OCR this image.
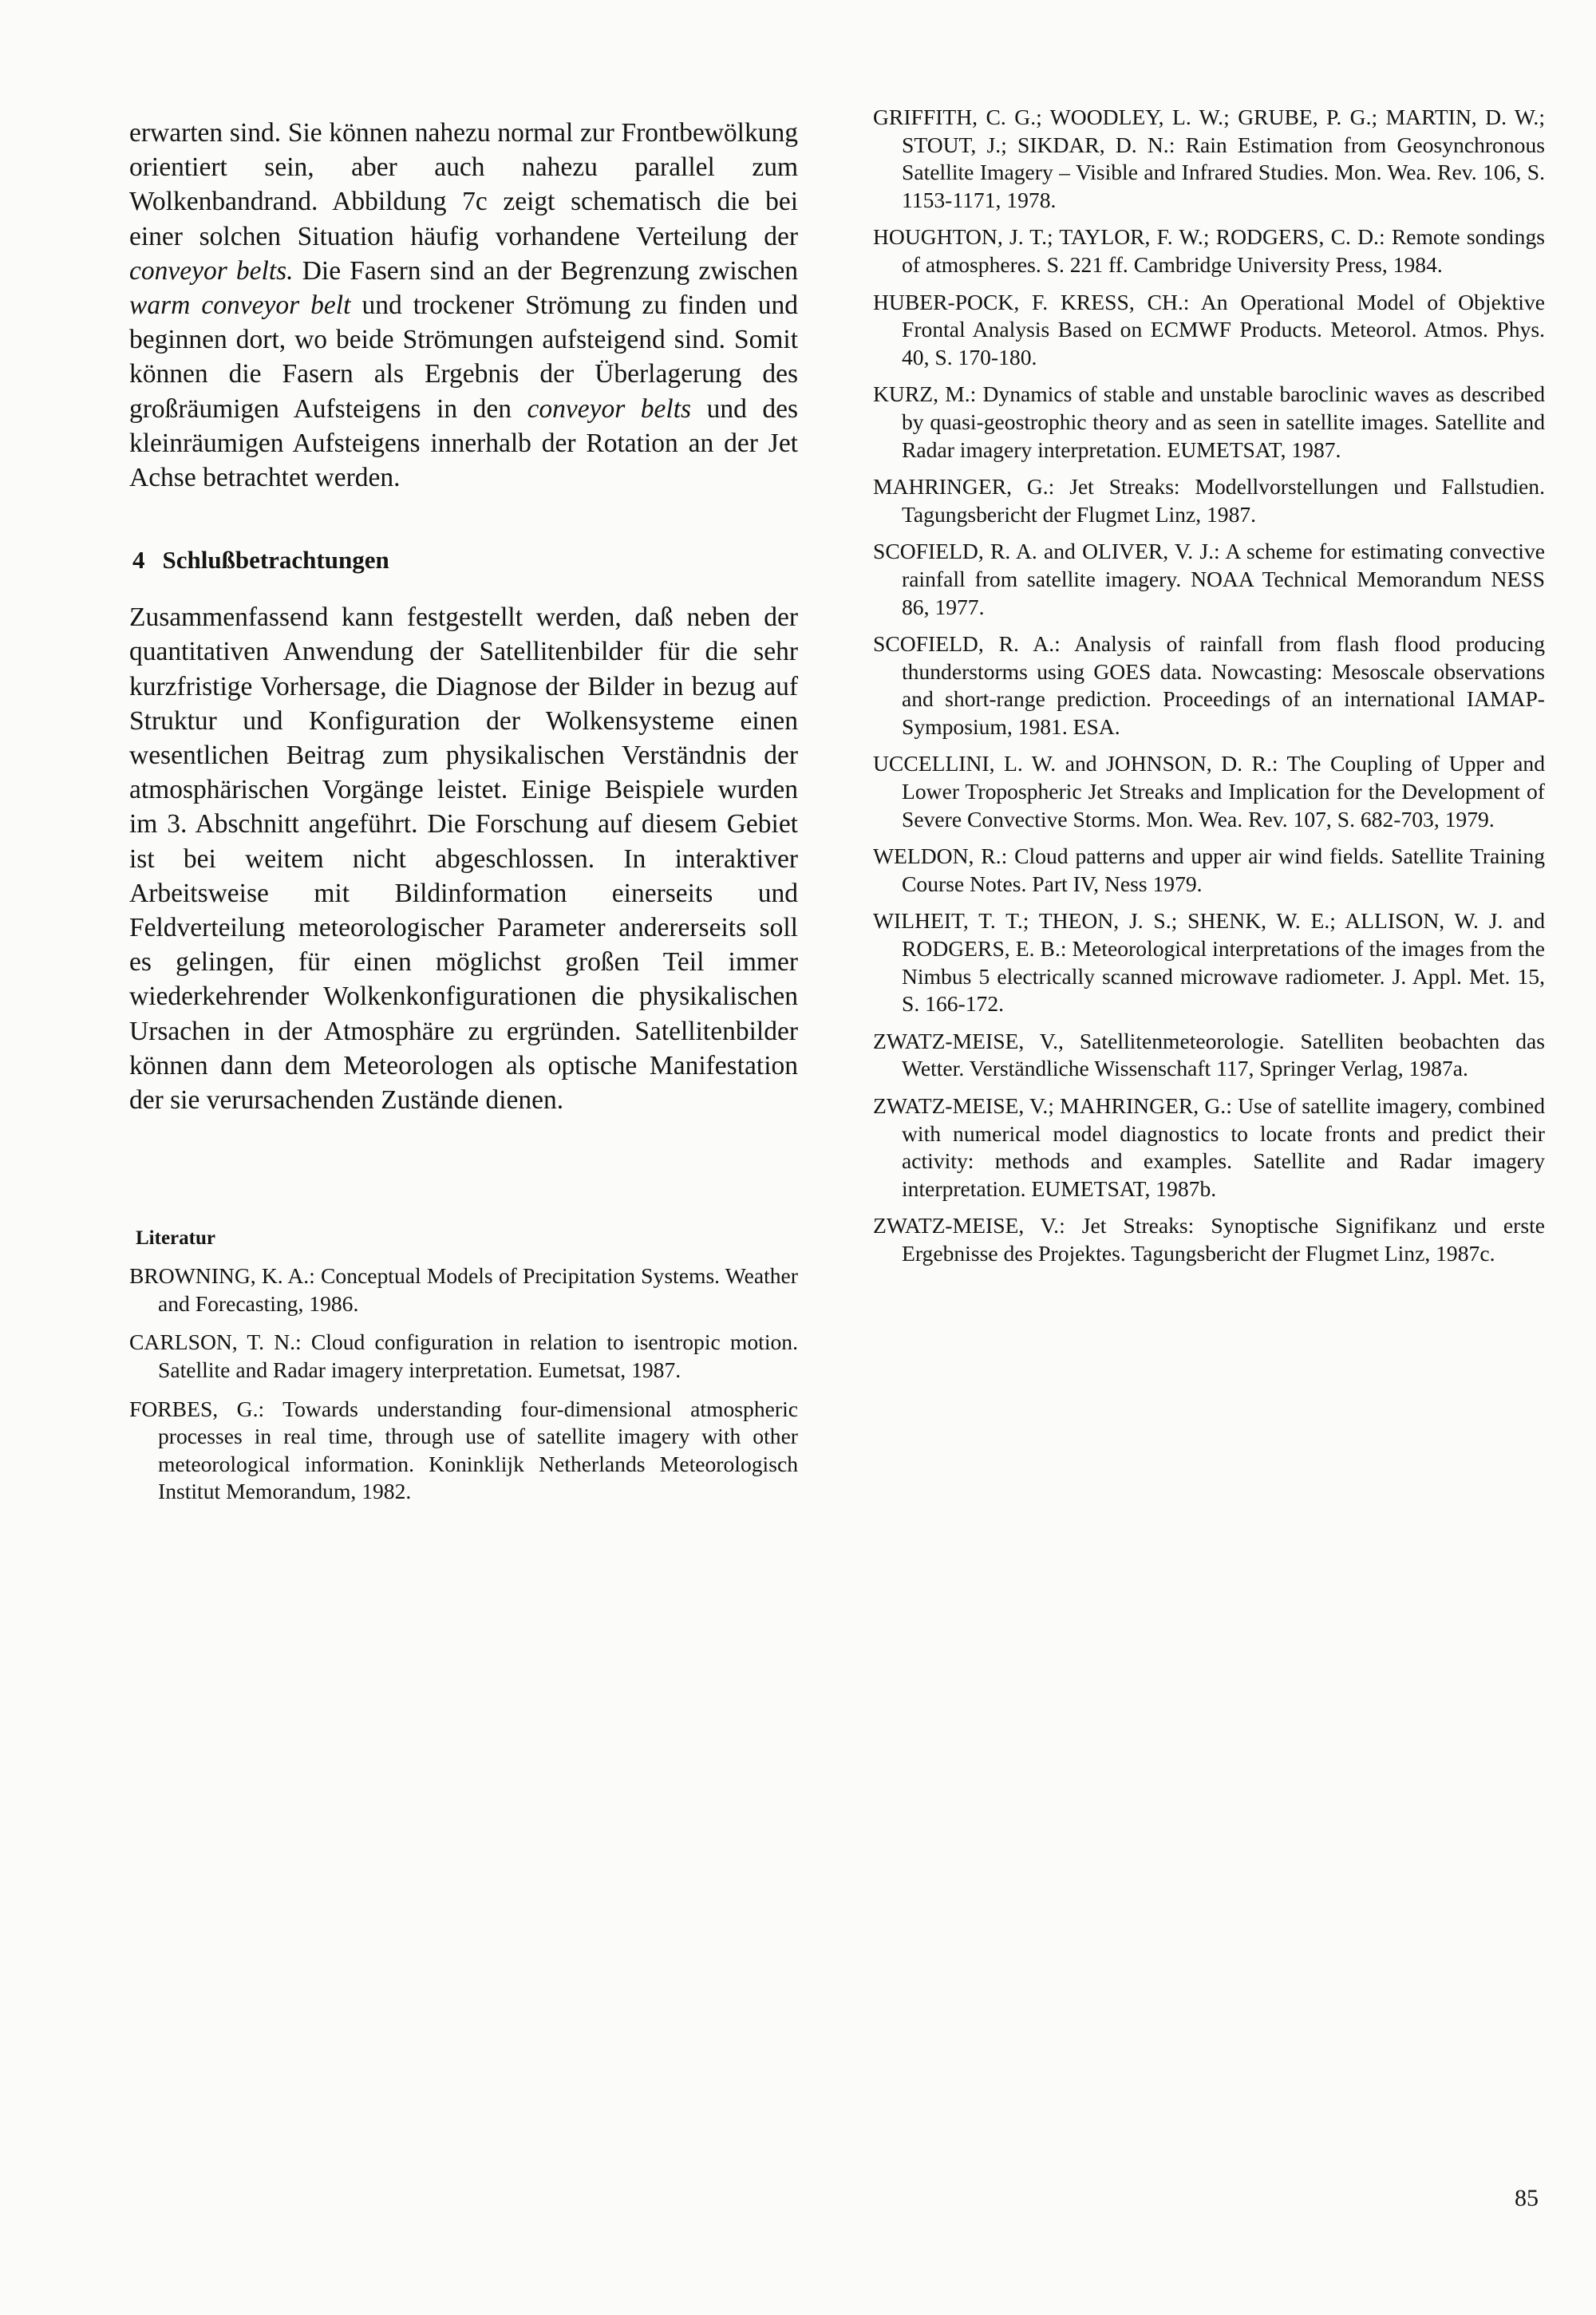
erwarten sind. Sie können nahezu normal zur Frontbewölkung orientiert sein, aber auch nahezu parallel zum Wolkenbandrand. Abbildung 7c zeigt schematisch die bei einer solchen Situation häufig vorhandene Verteilung der conveyor belts. Die Fasern sind an der Begrenzung zwischen warm conveyor belt und trockener Strömung zu finden und beginnen dort, wo beide Strömungen aufsteigend sind. Somit können die Fasern als Ergebnis der Überlagerung des großräumigen Aufsteigens in den conveyor belts und des kleinräumigen Aufsteigens innerhalb der Rotation an der Jet Achse betrachtet werden.

4 Schlußbetrachtungen

Zusammenfassend kann festgestellt werden, daß neben der quantitativen Anwendung der Satellitenbilder für die sehr kurzfristige Vorhersage, die Diagnose der Bilder in bezug auf Struktur und Konfiguration der Wolkensysteme einen wesentlichen Beitrag zum physikalischen Verständnis der atmosphärischen Vorgänge leistet. Einige Beispiele wurden im 3. Abschnitt angeführt. Die Forschung auf diesem Gebiet ist bei weitem nicht abgeschlossen. In interaktiver Arbeitsweise mit Bildinformation einerseits und Feldverteilung meteorologischer Parameter andererseits soll es gelingen, für einen möglichst großen Teil immer wiederkehrender Wolkenkonfigurationen die physikalischen Ursachen in der Atmosphäre zu ergründen. Satellitenbilder können dann dem Meteorologen als optische Manifestation der sie verursachenden Zustände dienen.

Literatur
BROWNING, K. A.: Conceptual Models of Precipitation Systems. Weather and Forecasting, 1986.
CARLSON, T. N.: Cloud configuration in relation to isentropic motion. Satellite and Radar imagery interpretation. Eumetsat, 1987.
FORBES, G.: Towards understanding four-dimensional atmospheric processes in real time, through use of satellite imagery with other meteorological information. Koninklijk Netherlands Meteorologisch Institut Memorandum, 1982.
GRIFFITH, C. G.; WOODLEY, L. W.; GRUBE, P. G.; MARTIN, D. W.; STOUT, J.; SIKDAR, D. N.: Rain Estimation from Geosynchronous Satellite Imagery – Visible and Infrared Studies. Mon. Wea. Rev. 106, S. 1153-1171, 1978.
HOUGHTON, J. T.; TAYLOR, F. W.; RODGERS, C. D.: Remote sondings of atmospheres. S. 221 ff. Cambridge University Press, 1984.
HUBER-POCK, F. KRESS, CH.: An Operational Model of Objektive Frontal Analysis Based on ECMWF Products. Meteorol. Atmos. Phys. 40, S. 170-180.
KURZ, M.: Dynamics of stable and unstable baroclinic waves as described by quasi-geostrophic theory and as seen in satellite images. Satellite and Radar imagery interpretation. EUMETSAT, 1987.
MAHRINGER, G.: Jet Streaks: Modellvorstellungen und Fallstudien. Tagungsbericht der Flugmet Linz, 1987.
SCOFIELD, R. A. and OLIVER, V. J.: A scheme for estimating convective rainfall from satellite imagery. NOAA Technical Memorandum NESS 86, 1977.
SCOFIELD, R. A.: Analysis of rainfall from flash flood producing thunderstorms using GOES data. Nowcasting: Mesoscale observations and short-range prediction. Proceedings of an international IAMAP-Symposium, 1981. ESA.
UCCELLINI, L. W. and JOHNSON, D. R.: The Coupling of Upper and Lower Tropospheric Jet Streaks and Implication for the Development of Severe Convective Storms. Mon. Wea. Rev. 107, S. 682-703, 1979.
WELDON, R.: Cloud patterns and upper air wind fields. Satellite Training Course Notes. Part IV, Ness 1979.
WILHEIT, T. T.; THEON, J. S.; SHENK, W. E.; ALLISON, W. J. and RODGERS, E. B.: Meteorological interpretations of the images from the Nimbus 5 electrically scanned microwave radiometer. J. Appl. Met. 15, S. 166-172.
ZWATZ-MEISE, V., Satellitenmeteorologie. Satelliten beobachten das Wetter. Verständliche Wissenschaft 117, Springer Verlag, 1987a.
ZWATZ-MEISE, V.; MAHRINGER, G.: Use of satellite imagery, combined with numerical model diagnostics to locate fronts and predict their activity: methods and examples. Satellite and Radar imagery interpretation. EUMETSAT, 1987b.
ZWATZ-MEISE, V.: Jet Streaks: Synoptische Signifikanz und erste Ergebnisse des Projektes. Tagungsbericht der Flugmet Linz, 1987c.
85
